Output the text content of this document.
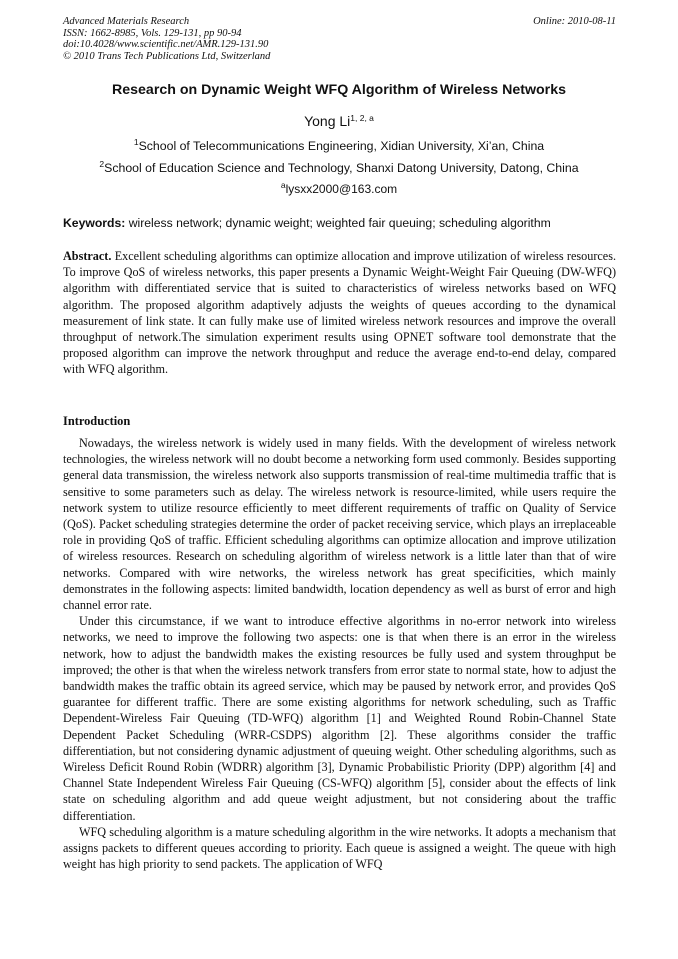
Advanced Materials Research
ISSN: 1662-8985, Vols. 129-131, pp 90-94
doi:10.4028/www.scientific.net/AMR.129-131.90
© 2010 Trans Tech Publications Ltd, Switzerland
Online: 2010-08-11
Research on Dynamic Weight WFQ Algorithm of Wireless Networks
Yong Li$^{1, 2, a}$
$^1$School of Telecommunications Engineering, Xidian University, Xi’an, China
$^2$School of Education Science and Technology, Shanxi Datong University, Datong, China
$^a$lysxx2000@163.com
Keywords: wireless network; dynamic weight; weighted fair queuing; scheduling algorithm
Abstract. Excellent scheduling algorithms can optimize allocation and improve utilization of wireless resources. To improve QoS of wireless networks, this paper presents a Dynamic Weight-Weight Fair Queuing (DW-WFQ) algorithm with differentiated service that is suited to characteristics of wireless networks based on WFQ algorithm. The proposed algorithm adaptively adjusts the weights of queues according to the dynamical measurement of link state. It can fully make use of limited wireless network resources and improve the overall throughput of network.The simulation experiment results using OPNET software tool demonstrate that the proposed algorithm can improve the network throughput and reduce the average end-to-end delay, compared with WFQ algorithm.
Introduction

Nowadays, the wireless network is widely used in many fields. With the development of wireless network technologies, the wireless network will no doubt become a networking form used commonly. Besides supporting general data transmission, the wireless network also supports transmission of real-time multimedia traffic that is sensitive to some parameters such as delay. The wireless network is resource-limited, while users require the network system to utilize resource efficiently to meet different requirements of traffic on Quality of Service (QoS). Packet scheduling strategies determine the order of packet receiving service, which plays an irreplaceable role in providing QoS of traffic. Efficient scheduling algorithms can optimize allocation and improve utilization of wireless resources. Research on scheduling algorithm of wireless network is a little later than that of wire networks. Compared with wire networks, the wireless network has great specificities, which mainly demonstrates in the following aspects: limited bandwidth, location dependency as well as burst of error and high channel error rate.

Under this circumstance, if we want to introduce effective algorithms in no-error network into wireless networks, we need to improve the following two aspects: one is that when there is an error in the wireless network, how to adjust the bandwidth makes the existing resources be fully used and system throughput be improved; the other is that when the wireless network transfers from error state to normal state, how to adjust the bandwidth makes the traffic obtain its agreed service, which may be paused by network error, and provides QoS guarantee for different traffic. There are some existing algorithms for network scheduling, such as Traffic Dependent-Wireless Fair Queuing (TD-WFQ) algorithm [1] and Weighted Round Robin-Channel State Dependent Packet Scheduling (WRR-CSDPS) algorithm [2]. These algorithms consider the traffic differentiation, but not considering dynamic adjustment of queuing weight. Other scheduling algorithms, such as Wireless Deficit Round Robin (WDRR) algorithm [3], Dynamic Probabilistic Priority (DPP) algorithm [4] and Channel State Independent Wireless Fair Queuing (CS-WFQ) algorithm [5], consider about the effects of link state on scheduling algorithm and add queue weight adjustment, but not considering about the traffic differentiation.

WFQ scheduling algorithm is a mature scheduling algorithm in the wire networks. It adopts a mechanism that assigns packets to different queues according to priority. Each queue is assigned a weight. The queue with high weight has high priority to send packets. The application of WFQ
